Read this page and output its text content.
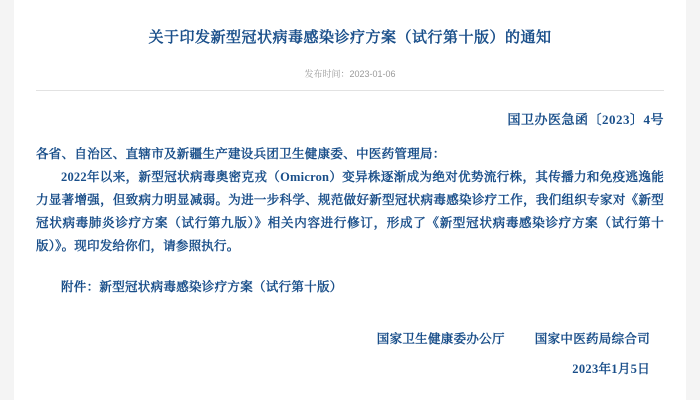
关于印发新型冠状病毒感染诊疗方案（试行第十版）的通知
发布时间：2023-01-06
国卫办医急函〔2023〕4号
各省、自治区、直辖市及新疆生产建设兵团卫生健康委、中医药管理局：
2022年以来，新型冠状病毒奥密克戎（Omicron）变异株逐渐成为绝对优势流行株，其传播力和免疫逃逸能力显著增强，但致病力明显减弱。为进一步科学、规范做好新型冠状病毒感染诊疗工作，我们组织专家对《新型冠状病毒肺炎诊疗方案（试行第九版）》相关内容进行修订，形成了《新型冠状病毒感染诊疗方案（试行第十版）》。现印发给你们，请参照执行。
附件：新型冠状病毒感染诊疗方案（试行第十版）
国家卫生健康委办公厅 国家中医药局综合司
2023年1月5日
